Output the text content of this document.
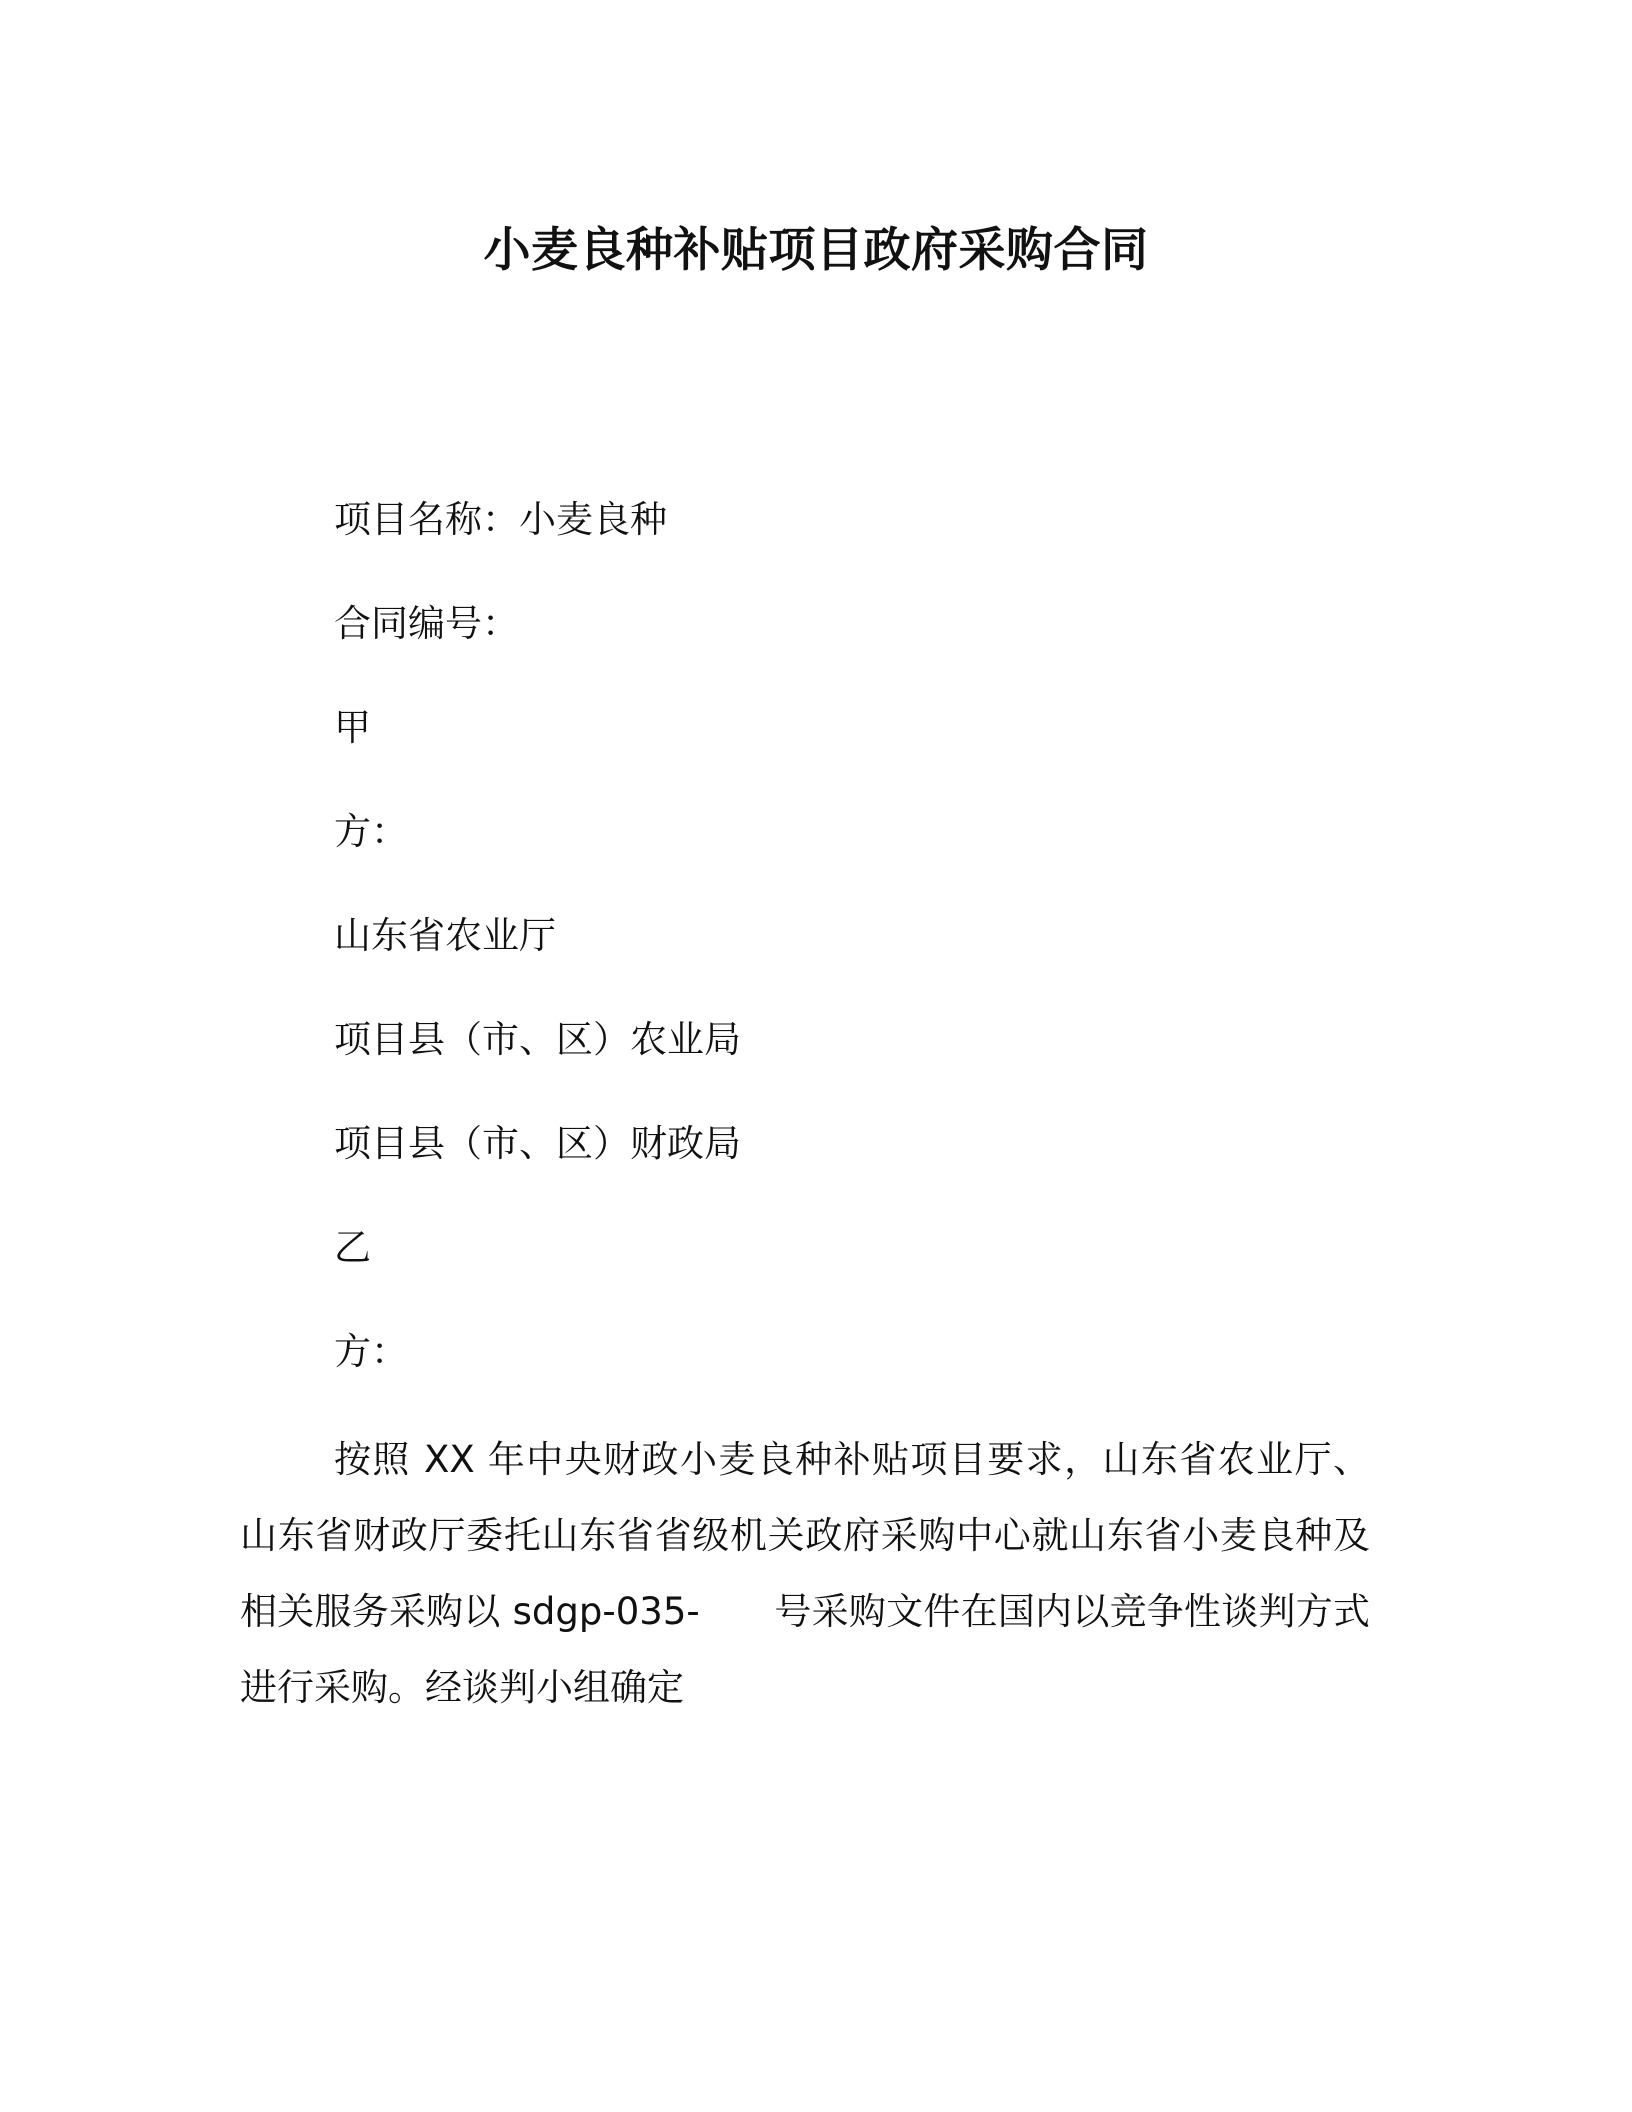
小麦良种补贴项目政府采购合同
项目名称：小麦良种
合同编号：
甲
方：
山东省农业厅
项目县（市、区）农业局
项目县（市、区）财政局
乙
方：
按照 XX 年中央财政小麦良种补贴项目要求，山东省农业厅、山东省财政厅委托山东省省级机关政府采购中心就山东省小麦良种及相关服务采购以 sdgp-035-　　号采购文件在国内以竞争性谈判方式进行采购。经谈判小组确定
